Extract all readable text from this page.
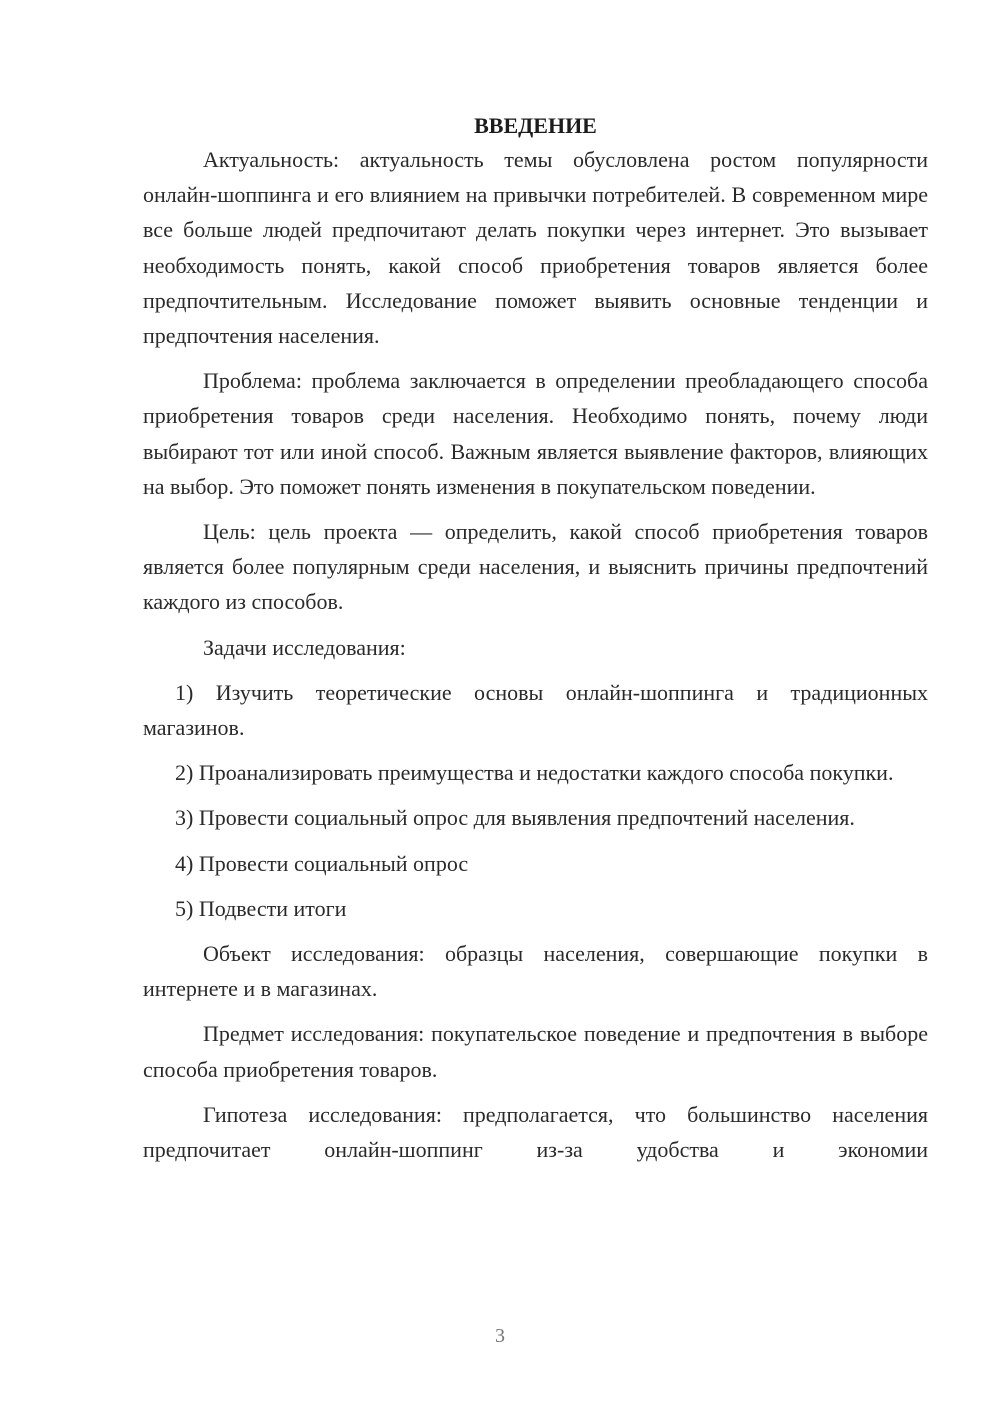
ВВЕДЕНИЕ

Актуальность: актуальность темы обусловлена ростом популярности онлайн-шоппинга и его влиянием на привычки потребителей. В современном мире все больше людей предпочитают делать покупки через интернет. Это вызывает необходимость понять, какой способ приобретения товаров является более предпочтительным. Исследование поможет выявить основные тенденции и предпочтения населения.

Проблема: проблема заключается в определении преобладающего способа приобретения товаров среди населения. Необходимо понять, почему люди выбирают тот или иной способ. Важным является выявление факторов, влияющих на выбор. Это поможет понять изменения в покупательском поведении.

Цель: цель проекта — определить, какой способ приобретения товаров является более популярным среди населения, и выяснить причины предпочтений каждого из способов.

Задачи исследования:

1) Изучить теоретические основы онлайн-шоппинга и традиционных магазинов.

2) Проанализировать преимущества и недостатки каждого способа покупки.

3) Провести социальный опрос для выявления предпочтений населения.

4) Провести социальный опрос

5) Подвести итоги

Объект исследования: образцы населения, совершающие покупки в интернете и в магазинах.

Предмет исследования: покупательское поведение и предпочтения в выборе способа приобретения товаров.

Гипотеза исследования: предполагается, что большинство населения предпочитает онлайн-шоппинг из-за удобства и экономии

3
